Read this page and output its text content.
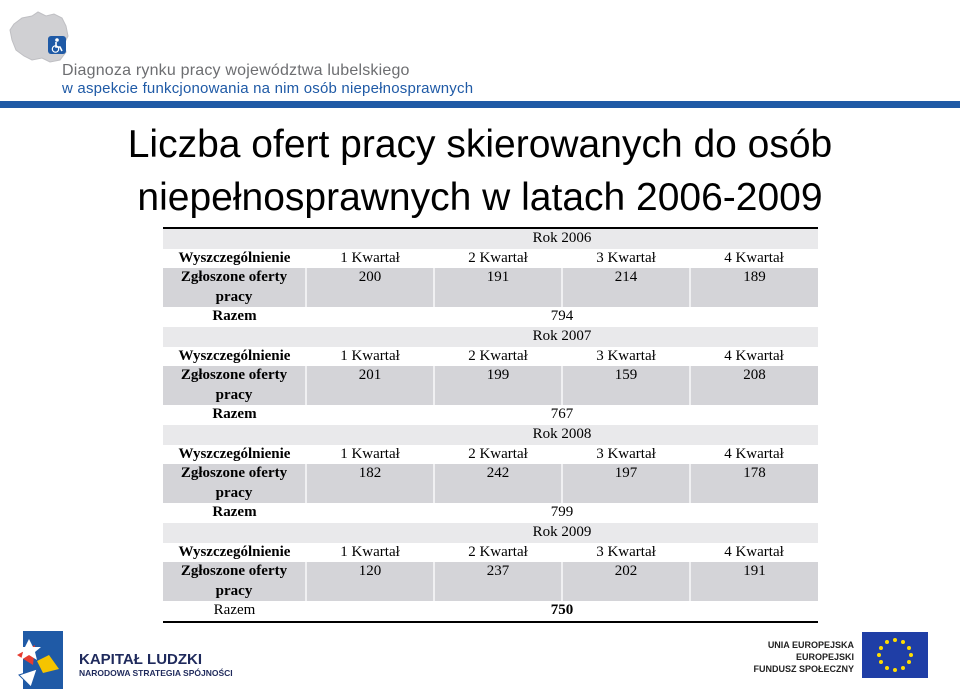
Diagnoza rynku pracy województwa lubelskiego
w aspekcie funkcjonowania na nim osób niepełnosprawnych
Liczba ofert pracy skierowanych do osób
niepełnosprawnych w latach 2006-2009
	Rok 2006			
Wyszczególnienie	1 Kwartał	2 Kwartał	3 Kwartał	4 Kwartał
Zgłoszone oferty	200	191	214	189
pracy				
Razem	794			
	Rok 2007			
Wyszczególnienie	1 Kwartał	2 Kwartał	3 Kwartał	4 Kwartał
Zgłoszone oferty	201	199	159	208
pracy				
Razem	767			
	Rok 2008			
Wyszczególnienie	1 Kwartał	2 Kwartał	3 Kwartał	4 Kwartał
Zgłoszone oferty	182	242	197	178
pracy				
Razem	799			
	Rok 2009			
Wyszczególnienie	1 Kwartał	2 Kwartał	3 Kwartał	4 Kwartał
Zgłoszone oferty	120	237	202	191
pracy				
Razem	750			
KAPITAŁ LUDZKI
NARODOWA STRATEGIA SPÓJNOŚCI
UNIA EUROPEJSKA
EUROPEJSKI
FUNDUSZ SPOŁECZNY
